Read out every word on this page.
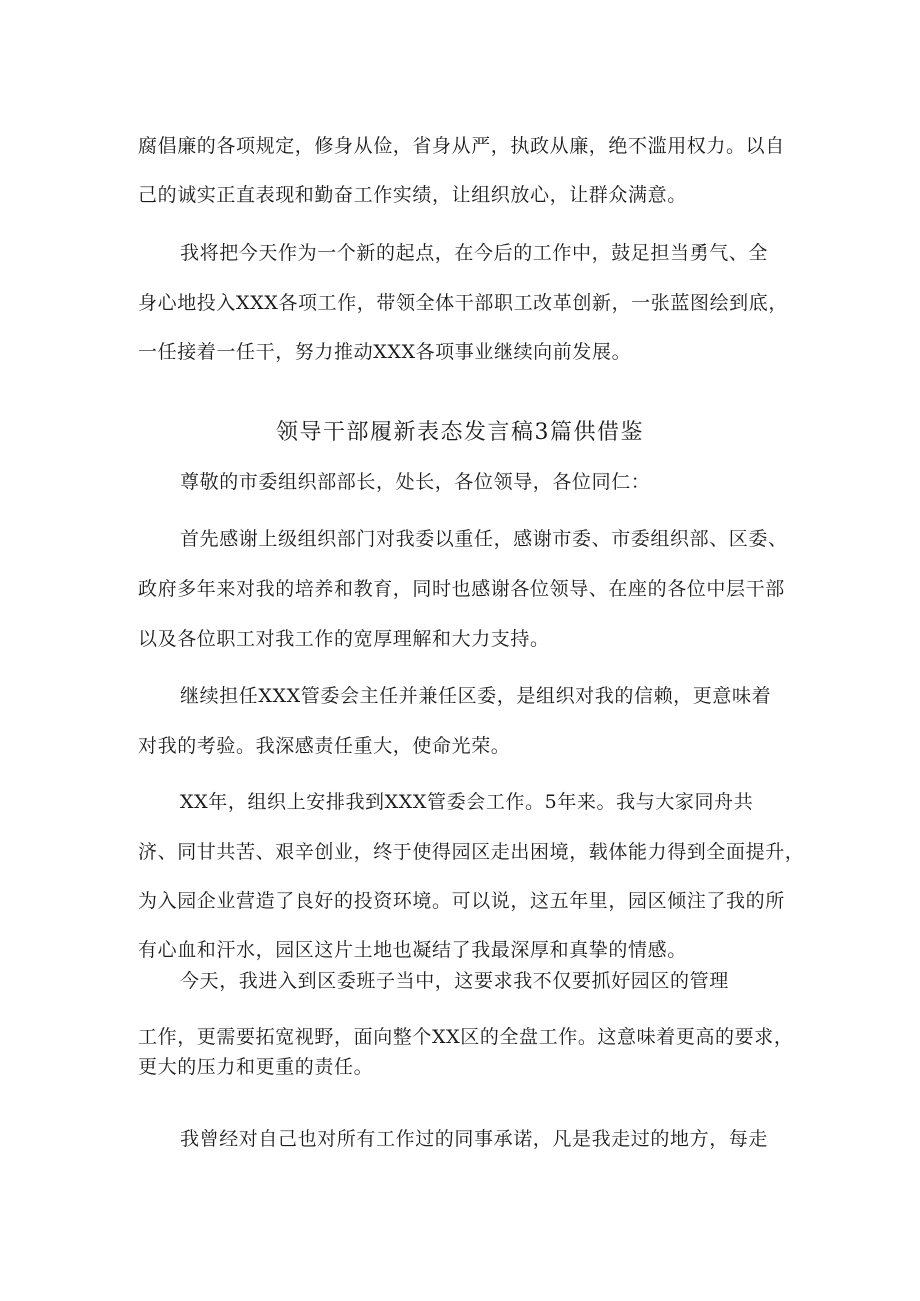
腐倡廉的各项规定，修身从俭，省身从严，执政从廉，绝不滥用权力。以自
己的诚实正直表现和勤奋工作实绩，让组织放心，让群众满意。
我将把今天作为一个新的起点，在今后的工作中，鼓足担当勇气、全
身心地投入XXX各项工作，带领全体干部职工改革创新，一张蓝图绘到底，
一任接着一任干，努力推动XXX各项事业继续向前发展。
领导干部履新表态发言稿3篇供借鉴
尊敬的市委组织部部长，处长，各位领导，各位同仁：
首先感谢上级组织部门对我委以重任，感谢市委、市委组织部、区委、
政府多年来对我的培养和教育，同时也感谢各位领导、在座的各位中层干部
以及各位职工对我工作的宽厚理解和大力支持。
继续担任XXX管委会主任并兼任区委，是组织对我的信赖，更意味着
对我的考验。我深感责任重大，使命光荣。
XX年，组织上安排我到XXX管委会工作。5年来。我与大家同舟共
济、同甘共苦、艰辛创业，终于使得园区走出困境，载体能力得到全面提升，
为入园企业营造了良好的投资环境。可以说，这五年里，园区倾注了我的所
有心血和汗水，园区这片土地也凝结了我最深厚和真挚的情感。
今天，我进入到区委班子当中，这要求我不仅要抓好园区的管理
工作，更需要拓宽视野，面向整个XX区的全盘工作。这意味着更高的要求，
更大的压力和更重的责任。
我曾经对自己也对所有工作过的同事承诺，凡是我走过的地方，每走
